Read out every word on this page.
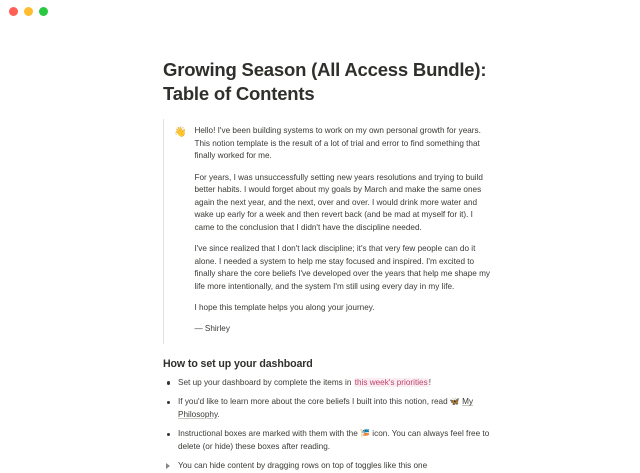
Growing Season (All Access Bundle):
Table of Contents
👋 Hello! I've been building systems to work on my own personal growth for years. This notion template is the result of a lot of trial and error to find something that finally worked for me.

For years, I was unsuccessfully setting new years resolutions and trying to build better habits. I would forget about my goals by March and make the same ones again the next year, and the next, over and over. I would drink more water and wake up early for a week and then revert back (and be mad at myself for it). I came to the conclusion that I didn't have the discipline needed.

I've since realized that I don't lack discipline; it's that very few people can do it alone. I needed a system to help me stay focused and inspired. I'm excited to finally share the core beliefs I've developed over the years that help me shape my life more intentionally, and the system I'm still using every day in my life.

I hope this template helps you along your journey.

— Shirley

How to set up your dashboard
Set up your dashboard by complete the items in this week's priorities!
If you'd like to learn more about the core beliefs I built into this notion, read 🦋 My Philosophy.
Instructional boxes are marked with them with the 🎏 icon. You can always feel free to delete (or hide) these boxes after reading.
You can hide content by dragging rows on top of toggles like this one
